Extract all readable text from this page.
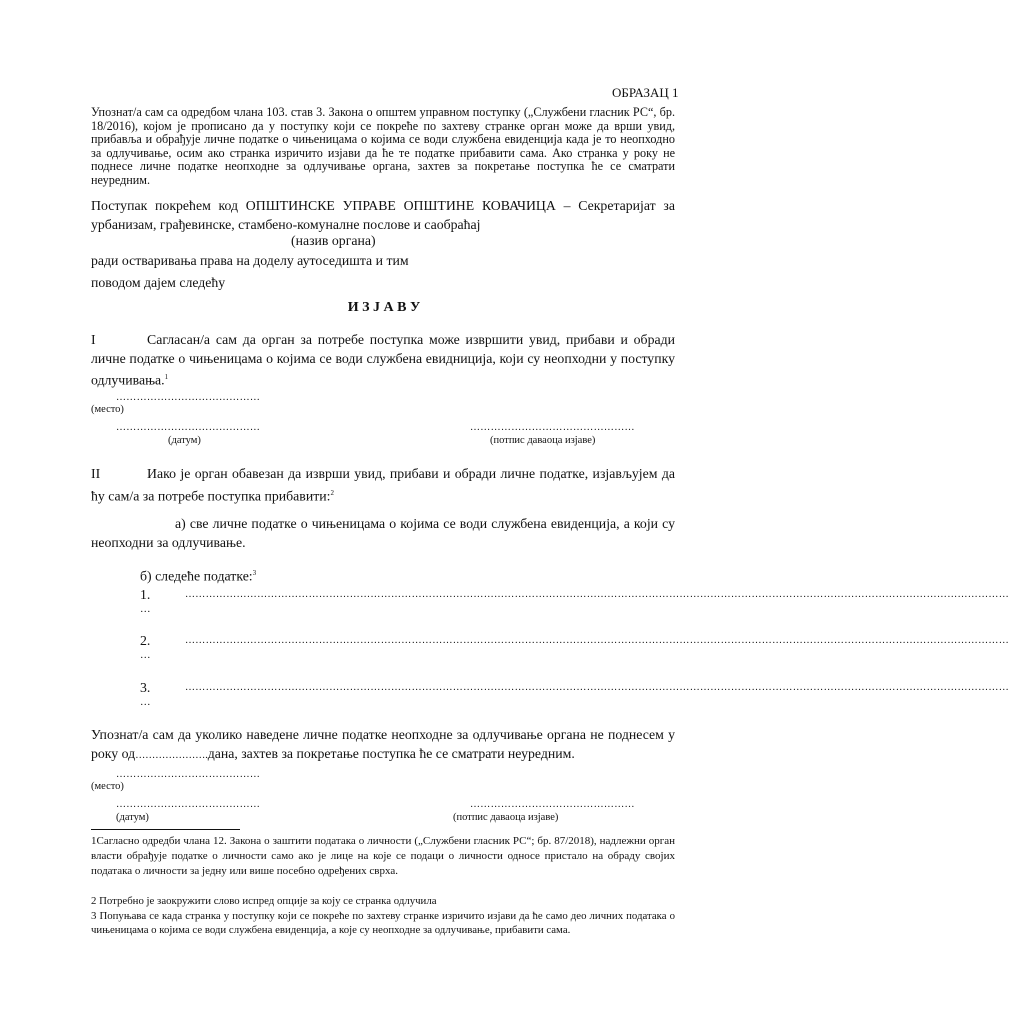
ОБРАЗАЦ 1
Упознат/а сам са одредбом члана 103. став 3. Закона о општем управном поступку („Службени гласник РС“, бр. 18/2016), којом је прописано да у поступку који се покреће по захтеву странке орган може да врши увид, прибавља и обрађује личне податке о чињеницама о којима се води службена евиденција када је то неопходно за одлучивање, осим ако странка изричито изјави да ће те податке прибавити сама. Ако странка у року не поднесе личне податке неопходне за одлучивање органа, захтев за покретање поступка ће се сматрати неуредним.
Поступак покрећем код ОПШТИНСКЕ УПРАВЕ ОПШТИНЕ КОВАЧИЦА – Секретаријат за урбанизам, грађевинске, стамбено-комуналне послове и саобраћај
(назив органа)
ради остваривања права на доделу аутоседишта и тим
поводом дајем следећу
И З Ј А В У
I	Сагласан/а сам да орган за потребе поступка може извршити увид, прибави и обради личне податке о чињеницама о којима се води службена евидниција, који су неопходни у поступку одлучивања.$^1$
……………………………………
(место)
……………………………………	…………………………………………
(датум)	(потпис даваоца изјаве)
II	Иако је орган обавезан да изврши увид, прибави и обради личне податке, изјављујем да ћу сам/а за потребе поступка прибавити:$^2$
а) све личне податке о чињеницама о којима се води службена евиденција, а који су неопходни за одлучивање.
б) следеће податке:$^3$
1.	……………………………………………………………………………………………………………………………………………………………………………………………………………………
…
2.	……………………………………………………………………………………………………………………………………………………………………………………………………………………
…
3.	……………………………………………………………………………………………………………………………………………………………………………………………………………………
…
Упознат/а сам да уколико наведене личне податке неопходне за одлучивање органа не поднесем у року од………………….дана, захтев за покретање поступка ће се сматрати неуредним.
……………………………………
(место)
……………………………………	…………………………………………
(датум)	(потпис даваоца изјаве)
1Сагласно одредби члана 12. Закона о заштити података о личности („Службени гласник РС“; бр. 87/2018), надлежни орган власти обрађује податке о личности само ако је лице на које се подаци о личности односе пристало на обраду својих података о личности за једну или више посебно одређених сврха.
2 Потребно је заокружити слово испред опције за коју се странка одлучила
3 Попуњава се када странка у поступку који се покреће по захтеву странке изричито изјави да ће само део личних података о чињеницама о којима се води службена евиденција, а које су неопходне за одлучивање, прибавити сама.
